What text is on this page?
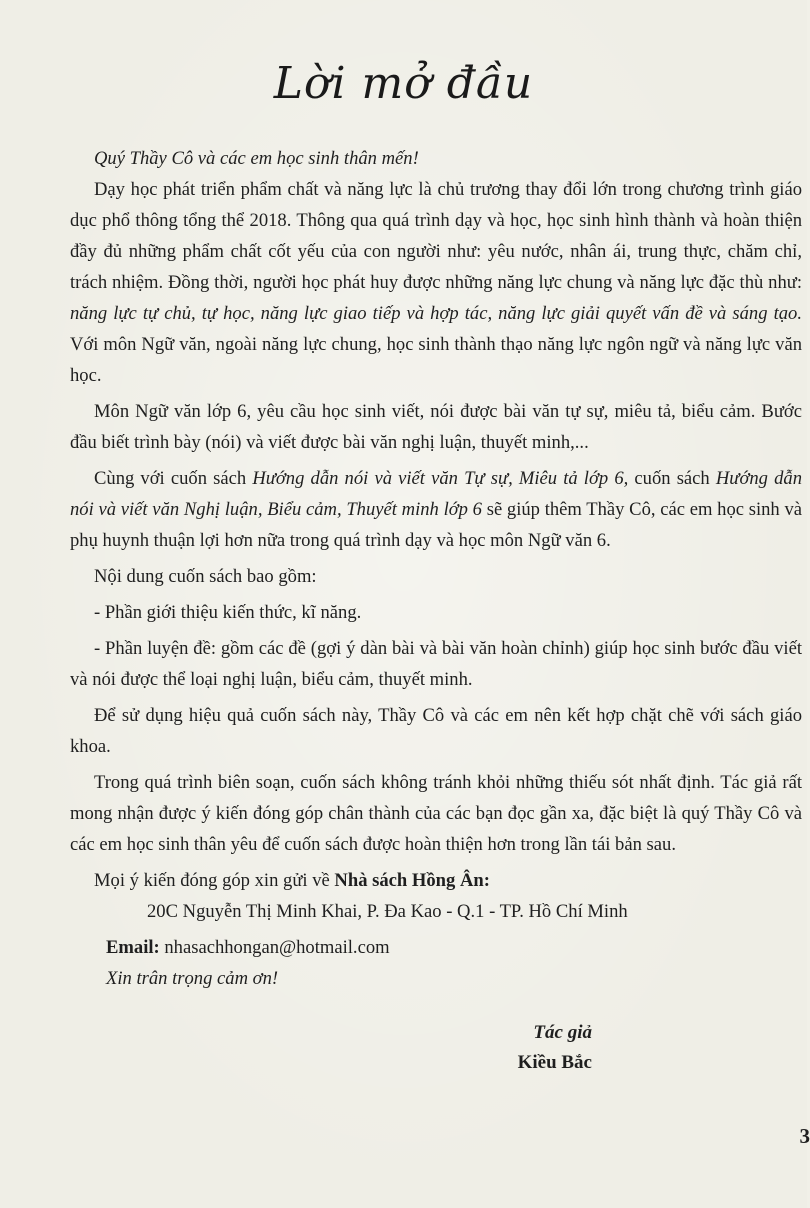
Lời mở đầu

Quý Thầy Cô và các em học sinh thân mến!

Dạy học phát triển phẩm chất và năng lực là chủ trương thay đổi lớn trong chương trình giáo dục phổ thông tổng thể 2018. Thông qua quá trình dạy và học, học sinh hình thành và hoàn thiện đầy đủ những phẩm chất cốt yếu của con người như: yêu nước, nhân ái, trung thực, chăm chỉ, trách nhiệm. Đồng thời, người học phát huy được những năng lực chung và năng lực đặc thù như: năng lực tự chủ, tự học, năng lực giao tiếp và hợp tác, năng lực giải quyết vấn đề và sáng tạo. Với môn Ngữ văn, ngoài năng lực chung, học sinh thành thạo năng lực ngôn ngữ và năng lực văn học.

Môn Ngữ văn lớp 6, yêu cầu học sinh viết, nói được bài văn tự sự, miêu tả, biểu cảm. Bước đầu biết trình bày (nói) và viết được bài văn nghị luận, thuyết minh,...

Cùng với cuốn sách Hướng dẫn nói và viết văn Tự sự, Miêu tả lớp 6, cuốn sách Hướng dẫn nói và viết văn Nghị luận, Biểu cảm, Thuyết minh lớp 6 sẽ giúp thêm Thầy Cô, các em học sinh và phụ huynh thuận lợi hơn nữa trong quá trình dạy và học môn Ngữ văn 6.

Nội dung cuốn sách bao gồm:

- Phần giới thiệu kiến thức, kĩ năng.

- Phần luyện đề: gồm các đề (gợi ý dàn bài và bài văn hoàn chỉnh) giúp học sinh bước đầu viết và nói được thể loại nghị luận, biểu cảm, thuyết minh.

Để sử dụng hiệu quả cuốn sách này, Thầy Cô và các em nên kết hợp chặt chẽ với sách giáo khoa.

Trong quá trình biên soạn, cuốn sách không tránh khỏi những thiếu sót nhất định. Tác giả rất mong nhận được ý kiến đóng góp chân thành của các bạn đọc gần xa, đặc biệt là quý Thầy Cô và các em học sinh thân yêu để cuốn sách được hoàn thiện hơn trong lần tái bản sau.

Mọi ý kiến đóng góp xin gửi về Nhà sách Hồng Ân:

20C Nguyễn Thị Minh Khai, P. Đa Kao - Q.1 - TP. Hồ Chí Minh

Email: nhasachhongan@hotmail.com

Xin trân trọng cảm ơn!

Tác giả
Kiều Bắc
3
